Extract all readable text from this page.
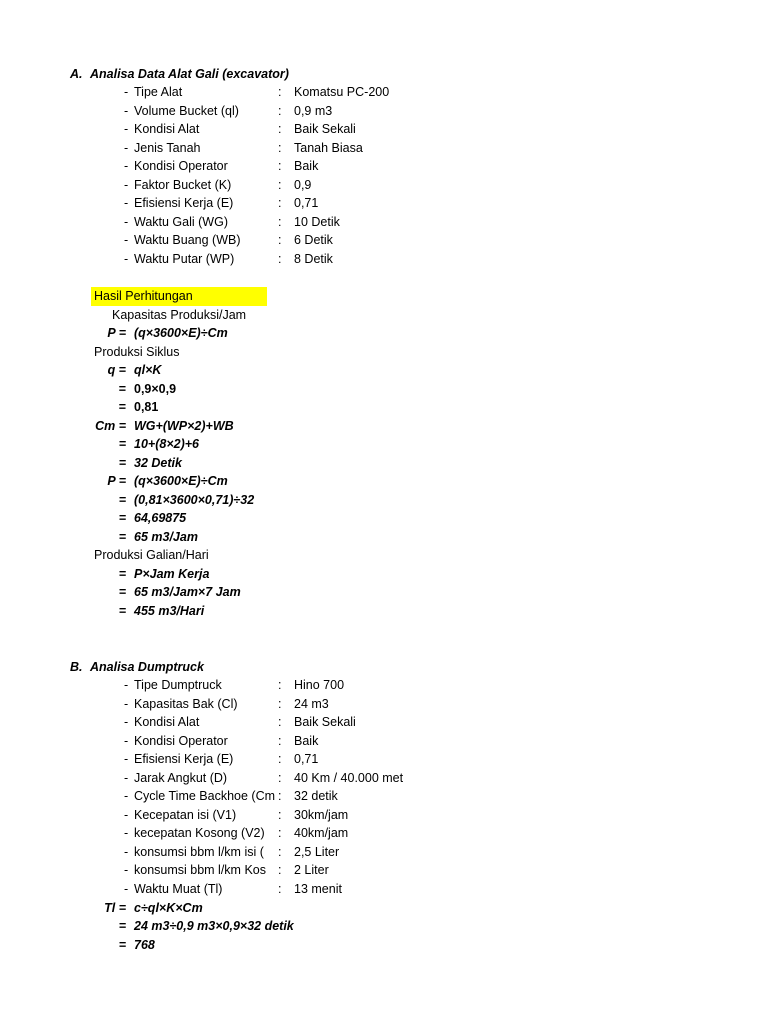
A. Analisa Data Alat Gali (excavator)
- Tipe Alat	: Komatsu PC-200
- Volume Bucket (ql)	: 0,9 m3
- Kondisi Alat	: Baik Sekali
- Jenis Tanah	: Tanah Biasa
- Kondisi Operator	: Baik
- Faktor Bucket (K)	: 0,9
- Efisiensi Kerja (E)	: 0,71
- Waktu Gali (WG)	: 10 Detik
- Waktu Buang (WB)	: 6 Detik
- Waktu Putar (WP)	: 8 Detik
Hasil Perhitungan
Kapasitas Produksi/Jam
P = (q×3600×E)÷Cm
Produksi Siklus
q = ql×K
= 0,9×0,9
= 0,81
Cm = WG+(WP×2)+WB
= 10+(8×2)+6
= 32 Detik
P = (q×3600×E)÷Cm
= (0,81×3600×0,71)÷32
= 64,69875
= 65 m3/Jam
Produksi Galian/Hari
= P×Jam Kerja
= 65 m3/Jam×7 Jam
= 455 m3/Hari
B. Analisa Dumptruck
- Tipe Dumptruck	: Hino 700
- Kapasitas Bak (Cl)	: 24 m3
- Kondisi Alat	: Baik Sekali
- Kondisi Operator	: Baik
- Efisiensi Kerja (E)	: 0,71
- Jarak Angkut (D)	: 40 Km / 40.000 met
- Cycle Time Backhoe (Cm : 32 detik
- Kecepatan isi (V1)	: 30km/jam
- kecepatan Kosong (V2)	: 40km/jam
- konsumsi bbm l/km isi (	: 2,5 Liter
- konsumsi bbm l/km Kos : 2 Liter
- Waktu Muat (Tl)	: 13 menit
Tl = c÷ql×K×Cm
= 24 m3÷0,9 m3×0,9×32 detik
= 768
